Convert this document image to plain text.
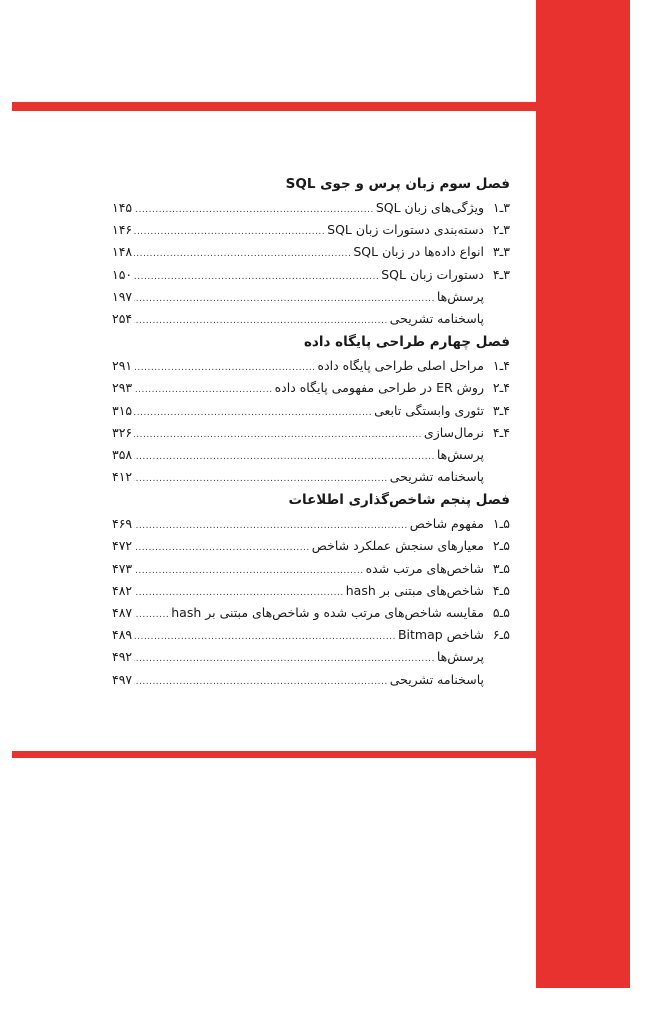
فصل سوم زبان پرس و جوی SQL
۳ـ۱
ویژگی‌های زبان SQL
.....
۱۴۵
۳ـ۲
دسته‌بندی دستورات زبان SQL
.....
۱۴۶
۳ـ۳
انواع داده‌ها در زبان SQL
.....
۱۴۸
۳ـ۴
دستورات زبان SQL
.....
۱۵۰
پرسش‌ها
.....
۱۹۷
پاسخنامه تشریحی
.....
۲۵۴
فصل چهارم طراحی پایگاه داده
۴ـ۱
مراحل اصلی طراحی پایگاه داده
.....
۲۹۱
۴ـ۲
روش ER در طراحی مفهومی پایگاه داده
.....
۲۹۳
۴ـ۳
تئوری وابستگی تابعی
.....
۳۱۵
۴ـ۴
نرمال‌سازی
.....
۳۲۶
پرسش‌ها
.....
۳۵۸
پاسخنامه تشریحی
.....
۴۱۲
فصل پنجم شاخص‌گذاری اطلاعات
۵ـ۱
مفهوم شاخص
.....
۴۶۹
۵ـ۲
معیارهای سنجش عملکرد شاخص
.....
۴۷۲
۵ـ۳
شاخص‌های مرتب شده
.....
۴۷۳
۵ـ۴
شاخص‌های مبتنی بر hash
.....
۴۸۲
۵ـ۵
مقایسه شاخص‌های مرتب شده و شاخص‌های مبتنی بر hash
.....
۴۸۷
۵ـ۶
شاخص Bitmap
.....
۴۸۹
پرسش‌ها
.....
۴۹۲
پاسخنامه تشریحی
.....
۴۹۷
